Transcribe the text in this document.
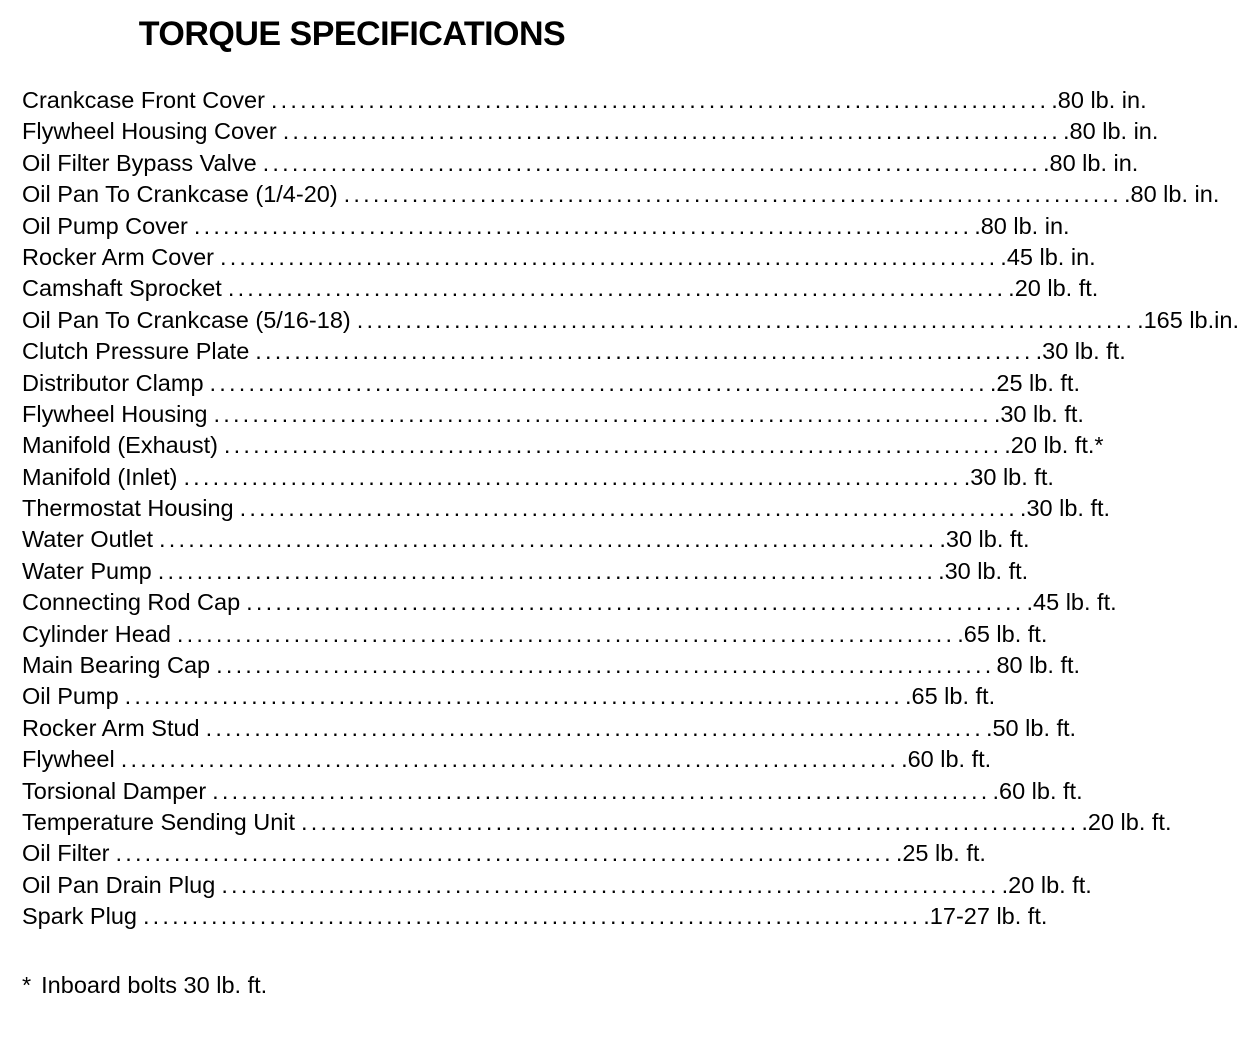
TORQUE SPECIFICATIONS
Crankcase Front Cover ................................................................................ .80 lb. in.
Flywheel Housing Cover ................................................................................ .80 lb. in.
Oil Filter Bypass Valve ................................................................................ .80 lb. in.
Oil Pan To Crankcase (1/4-20) ................................................................................ .80 lb. in.
Oil Pump Cover ................................................................................ .80 lb. in.
Rocker Arm Cover ................................................................................ .45 lb. in.
Camshaft Sprocket ................................................................................ .20 lb. ft.
Oil Pan To Crankcase (5/16-18) ................................................................................ .165 lb.in.
Clutch Pressure Plate ................................................................................ .30 lb. ft.
Distributor Clamp ................................................................................ .25 lb. ft.
Flywheel Housing ................................................................................ .30 lb. ft.
Manifold (Exhaust) ................................................................................ .20 lb. ft.*
Manifold (Inlet) ................................................................................ .30 lb. ft.
Thermostat Housing ................................................................................ .30 lb. ft.
Water Outlet ................................................................................ .30 lb. ft.
Water Pump ................................................................................ .30 lb. ft.
Connecting Rod Cap ................................................................................ .45 lb. ft.
Cylinder Head ................................................................................ .65 lb. ft.
Main Bearing Cap ................................................................................ 80 lb. ft.
Oil Pump ................................................................................ .65 lb. ft.
Rocker Arm Stud ................................................................................ .50 lb. ft.
Flywheel ................................................................................ .60 lb. ft.
Torsional Damper ................................................................................ .60 lb. ft.
Temperature Sending Unit ................................................................................ .20 lb. ft.
Oil Filter ................................................................................ .25 lb. ft.
Oil Pan Drain Plug ................................................................................ .20 lb. ft.
Spark Plug ................................................................................ .17-27 lb. ft.

* Inboard bolts 30 lb. ft.
